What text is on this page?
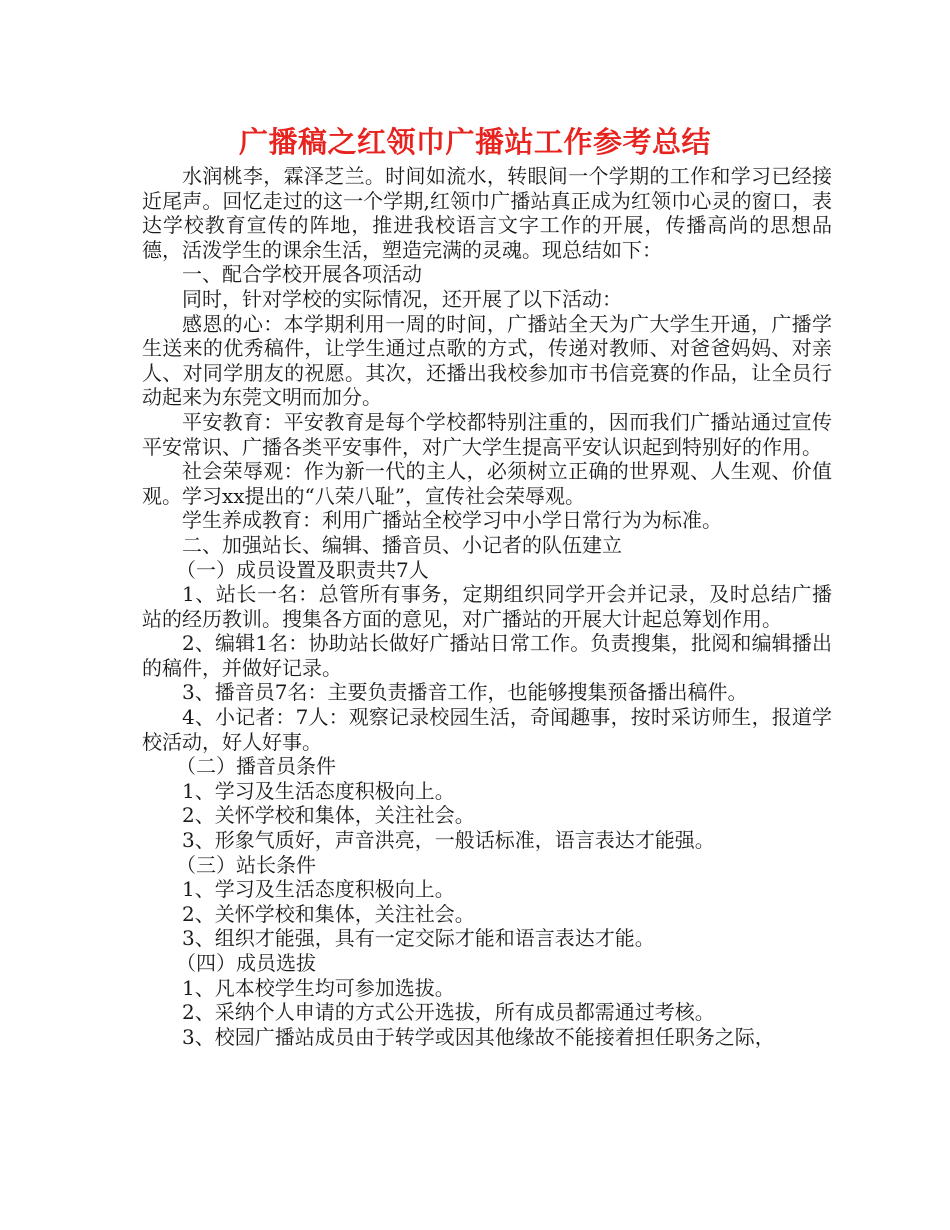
广播稿之红领巾广播站工作参考总结

水润桃李，霖泽芝兰。时间如流水，转眼间一个学期的工作和学习已经接近尾声。回忆走过的这一个学期,红领巾广播站真正成为红领巾心灵的窗口，表达学校教育宣传的阵地，推进我校语言文字工作的开展，传播高尚的思想品德，活泼学生的课余生活，塑造完满的灵魂。现总结如下：

一、配合学校开展各项活动

同时，针对学校的实际情况，还开展了以下活动：

感恩的心：本学期利用一周的时间，广播站全天为广大学生开通，广播学生送来的优秀稿件，让学生通过点歌的方式，传递对教师、对爸爸妈妈、对亲人、对同学朋友的祝愿。其次，还播出我校参加市书信竞赛的作品，让全员行动起来为东莞文明而加分。

平安教育：平安教育是每个学校都特别注重的，因而我们广播站通过宣传平安常识、广播各类平安事件，对广大学生提高平安认识起到特别好的作用。

社会荣辱观：作为新一代的主人，必须树立正确的世界观、人生观、价值观。学习xx提出的“八荣八耻”，宣传社会荣辱观。

学生养成教育：利用广播站全校学习中小学日常行为为标准。

二、加强站长、编辑、播音员、小记者的队伍建立

（一）成员设置及职责共7人

1、站长一名：总管所有事务，定期组织同学开会并记录，及时总结广播站的经历教训。搜集各方面的意见，对广播站的开展大计起总筹划作用。

2、编辑1名：协助站长做好广播站日常工作。负责搜集，批阅和编辑播出的稿件，并做好记录。

3、播音员7名：主要负责播音工作，也能够搜集预备播出稿件。

4、小记者：7人：观察记录校园生活，奇闻趣事，按时采访师生，报道学校活动，好人好事。

（二）播音员条件

1、学习及生活态度积极向上。

2、关怀学校和集体，关注社会。

3、形象气质好，声音洪亮，一般话标准，语言表达才能强。

（三）站长条件

1、学习及生活态度积极向上。

2、关怀学校和集体，关注社会。

3、组织才能强，具有一定交际才能和语言表达才能。

（四）成员选拔

1、凡本校学生均可参加选拔。

2、采纳个人申请的方式公开选拔，所有成员都需通过考核。

3、校园广播站成员由于转学或因其他缘故不能接着担任职务之际，
